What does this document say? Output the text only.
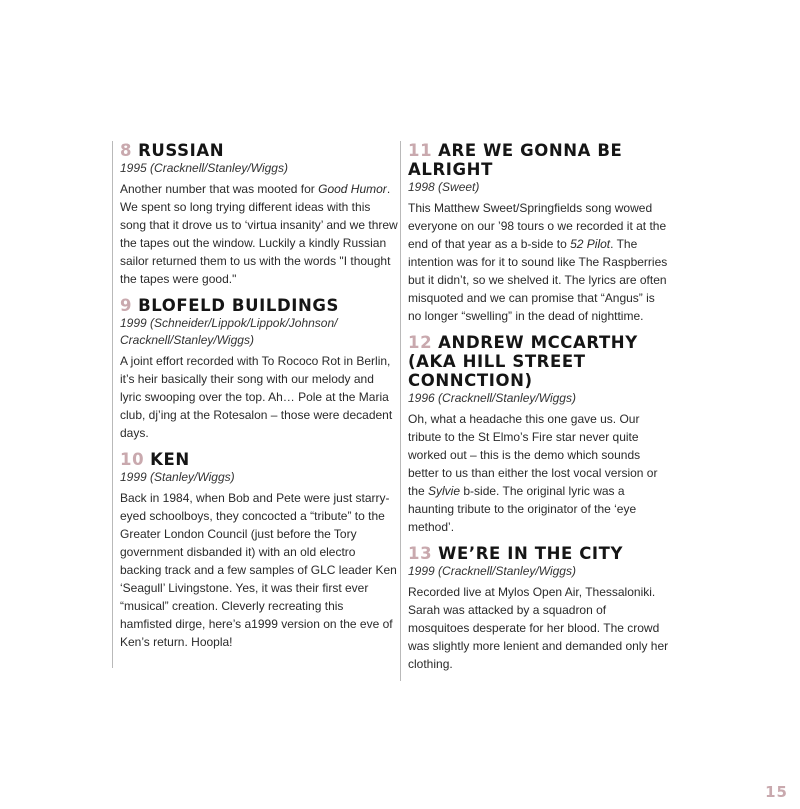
8 RUSSIAN

1995 (Cracknell/Stanley/Wiggs)

Another number that was mooted for Good Humor. We spent so long trying different ideas with this song that it drove us to ‘virtua insanity’ and we threw the tapes out the window. Luckily a kindly Russian sailor returned them to us with the words "I thought the tapes were good."

9 BLOFELD BUILDINGS

1999 (Schneider/Lippok/Lippok/Johnson/ Cracknell/Stanley/Wiggs)

A joint effort recorded with To Rococo Rot in Berlin, it’s heir basically their song with our melody and lyric swooping over the top. Ah… Pole at the Maria club, dj’ing at the Rotesalon – those were decadent days.

10 KEN

1999 (Stanley/Wiggs)

Back in 1984, when Bob and Pete were just starry-eyed schoolboys, they concocted a “tribute” to the Greater London Council (just before the Tory government disbanded it) with an old electro backing track and a few samples of GLC leader Ken ‘Seagull’ Livingstone. Yes, it was their first ever “musical” creation. Cleverly recreating this hamfisted dirge, here’s a1999 version on the eve of Ken’s return. Hoopla!

11 ARE WE GONNA BE ALRIGHT

1998 (Sweet)

This Matthew Sweet/Springfields song wowed everyone on our ’98 tours o we recorded it at the end of that year as a b-side to 52 Pilot. The intention was for it to sound like The Raspberries but it didn’t, so we shelved it. The lyrics are often misquoted and we can promise that “Angus” is no longer “swelling” in the dead of nighttime.

12 ANDREW MCCARTHY (AKA HILL STREET CONNCTION)

1996 (Cracknell/Stanley/Wiggs)

Oh, what a headache this one gave us. Our tribute to the St Elmo’s Fire star never quite worked out – this is the demo which sounds better to us than either the lost vocal version or the Sylvie b-side. The original lyric was a haunting tribute to the originator of the ‘eye method’.

13 WE’RE IN THE CITY

1999 (Cracknell/Stanley/Wiggs)

Recorded live at Mylos Open Air, Thessaloniki. Sarah was attacked by a squadron of mosquitoes desperate for her blood. The crowd was slightly more lenient and demanded only her clothing.

15
